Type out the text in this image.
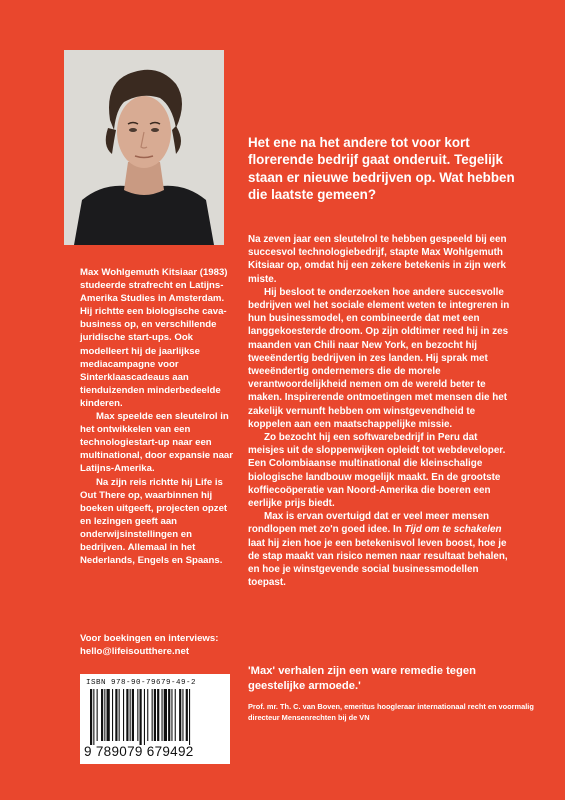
Max Wohlgemuth Kitsiaar (1983) studeerde strafrecht en Latijns-Amerika Studies in Amsterdam. Hij richtte een biologische cava-business op, en verschillende juridische start-ups. Ook modelleert hij de jaarlijkse mediacampagne voor Sinterklaascadeaus aan tienduizenden minderbedeelde kinderen.

Max speelde een sleutelrol in het ontwikkelen van een technologiestart-up naar een multinational, door expansie naar Latijns-Amerika.

Na zijn reis richtte hij Life is Out There op, waarbinnen hij boeken uitgeeft, projecten opzet en lezingen geeft aan onderwijsinstellingen en bedrijven. Allemaal in het Nederlands, Engels en Spaans.

Voor boekingen en interviews:
hello@lifeisoutthere.net
ISBN 978-90-79679-49-2
9 789079 679492
Het ene na het andere tot voor kort florerende bedrijf gaat onderuit. Tegelijk staan er nieuwe bedrijven op. Wat hebben die laatste gemeen?

Na zeven jaar een sleutelrol te hebben gespeeld bij een succesvol technologiebedrijf, stapte Max Wohlgemuth Kitsiaar op, omdat hij een zekere betekenis in zijn werk miste.

Hij besloot te onderzoeken hoe andere succesvolle bedrijven wel het sociale element weten te integreren in hun businessmodel, en combineerde dat met een langgekoesterde droom. Op zijn oldtimer reed hij in zes maanden van Chili naar New York, en bezocht hij tweeëndertig bedrijven in zes landen. Hij sprak met tweeëndertig ondernemers die de morele verantwoordelijkheid nemen om de wereld beter te maken. Inspirerende ontmoetingen met mensen die het zakelijk vernunft hebben om winstgevendheid te koppelen aan een maatschappelijke missie.

Zo bezocht hij een softwarebedrijf in Peru dat meisjes uit de sloppenwijken opleidt tot webdeveloper. Een Colombiaanse multinational die kleinschalige biologische landbouw mogelijk maakt. En de grootste koffiecoöperatie van Noord-Amerika die boeren een eerlijke prijs biedt.

Max is ervan overtuigd dat er veel meer mensen rondlopen met zo'n goed idee. In Tijd om te schakelen laat hij zien hoe je een betekenisvol leven boost, hoe je de stap maakt van risico nemen naar resultaat behalen, en hoe je winstgevende social businessmodellen toepast.

'Max' verhalen zijn een ware remedie tegen geestelijke armoede.'
Prof. mr. Th. C. van Boven, emeritus hoogleraar internationaal recht en voormalig directeur Mensenrechten bij de VN
